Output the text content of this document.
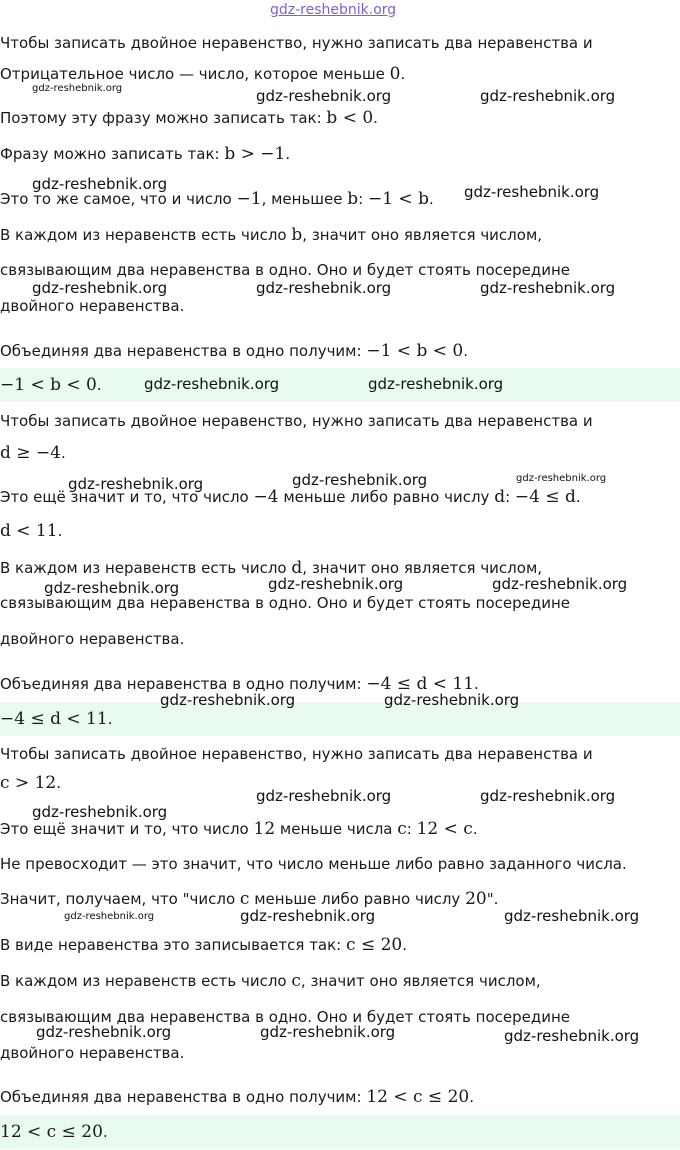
gdz-reshebnik.org
Чтобы записать двойное неравенство, нужно записать два неравенства и
Отрицательное число — число, которое меньше 0.
gdz-reshebnik.org	gdz-reshebnik.org	gdz-reshebnik.org
Поэтому эту фразу можно записать так: b < 0.
Фразу можно записать так: b > −1.
gdz-reshebnik.org
Это то же самое, что и число −1, меньшее b: −1 < b. gdz-reshebnik.org
В каждом из неравенств есть число b, значит оно является числом,
связывающим два неравенства в одно. Оно и будет стоять посередине
gdz-reshebnik.org	gdz-reshebnik.org	gdz-reshebnik.org
двойного неравенства.
Объединяя два неравенства в одно получим: −1 < b < 0.
−1 < b < 0.	gdz-reshebnik.org	gdz-reshebnik.org
Чтобы записать двойное неравенство, нужно записать два неравенства и
d ≥ −4.
gdz-reshebnik.org	gdz-reshebnik.org	gdz-reshebnik.org
Это ещё значит и то, что число −4 меньше либо равно числу d: −4 ≤ d.
d < 11.
В каждом из неравенств есть число d, значит оно является числом,
gdz-reshebnik.org	gdz-reshebnik.org	gdz-reshebnik.org
связывающим два неравенства в одно. Оно и будет стоять посередине
двойного неравенства.
Объединяя два неравенства в одно получим: −4 ≤ d < 11.
−4 ≤ d < 11.
gdz-reshebnik.org	gdz-reshebnik.org
Чтобы записать двойное неравенство, нужно записать два неравенства и
c > 12.
gdz-reshebnik.org
gdz-reshebnik.org	gdz-reshebnik.org
Это ещё значит и то, что число 12 меньше числа c: 12 < c.
Не превосходит — это значит, что число меньше либо равно заданного числа.
Значит, получаем, что "число c меньше либо равно числу 20".
gdz-reshebnik.org	gdz-reshebnik.org	gdz-reshebnik.org
В виде неравенства это записывается так: c ≤ 20.
В каждом из неравенств есть число c, значит оно является числом,
связывающим два неравенства в одно. Оно и будет стоять посередине
gdz-reshebnik.org	gdz-reshebnik.org	gdz-reshebnik.org
двойного неравенства.
Объединяя два неравенства в одно получим: 12 < c ≤ 20.
12 < c ≤ 20.
